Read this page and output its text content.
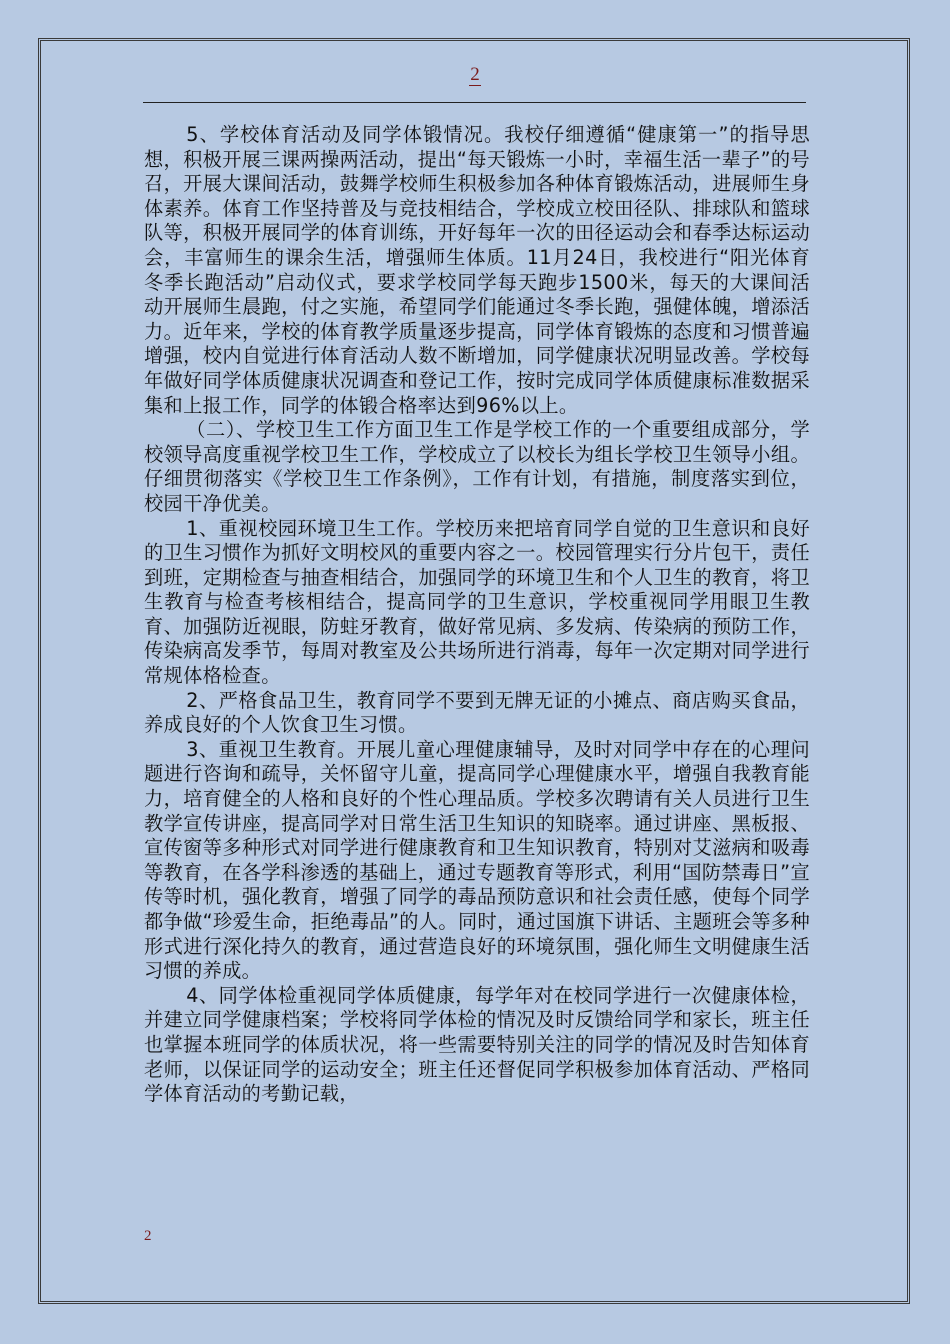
2

5、学校体育活动及同学体锻情况。我校仔细遵循“健康第一”的指导思想，积极开展三课两操两活动，提出“每天锻炼一小时，幸福生活一辈子”的号召，开展大课间活动，鼓舞学校师生积极参加各种体育锻炼活动，进展师生身体素养。体育工作坚持普及与竞技相结合，学校成立校田径队、排球队和篮球队等，积极开展同学的体育训练，开好每年一次的田径运动会和春季达标运动会，丰富师生的课余生活，增强师生体质。11月24日，我校进行“阳光体育冬季长跑活动”启动仪式，要求学校同学每天跑步1500米，每天的大课间活动开展师生晨跑，付之实施，希望同学们能通过冬季长跑，强健体魄，增添活力。近年来，学校的体育教学质量逐步提高，同学体育锻炼的态度和习惯普遍增强，校内自觉进行体育活动人数不断增加，同学健康状况明显改善。学校每年做好同学体质健康状况调查和登记工作，按时完成同学体质健康标准数据采集和上报工作，同学的体锻合格率达到96%以上。

（二）、学校卫生工作方面卫生工作是学校工作的一个重要组成部分，学校领导高度重视学校卫生工作，学校成立了以校长为组长学校卫生领导小组。仔细贯彻落实《学校卫生工作条例》，工作有计划，有措施，制度落实到位，校园干净优美。

1、重视校园环境卫生工作。学校历来把培育同学自觉的卫生意识和良好的卫生习惯作为抓好文明校风的重要内容之一。校园管理实行分片包干，责任到班，定期检查与抽查相结合，加强同学的环境卫生和个人卫生的教育，将卫生教育与检查考核相结合，提高同学的卫生意识，学校重视同学用眼卫生教育、加强防近视眼，防蛀牙教育，做好常见病、多发病、传染病的预防工作，传染病高发季节，每周对教室及公共场所进行消毒，每年一次定期对同学进行常规体格检查。

2、严格食品卫生，教育同学不要到无牌无证的小摊点、商店购买食品，养成良好的个人饮食卫生习惯。

3、重视卫生教育。开展儿童心理健康辅导，及时对同学中存在的心理问题进行咨询和疏导，关怀留守儿童，提高同学心理健康水平，增强自我教育能力，培育健全的人格和良好的个性心理品质。学校多次聘请有关人员进行卫生教学宣传讲座，提高同学对日常生活卫生知识的知晓率。通过讲座、黑板报、宣传窗等多种形式对同学进行健康教育和卫生知识教育，特别对艾滋病和吸毒等教育，在各学科渗透的基础上，通过专题教育等形式，利用“国防禁毒日”宣传等时机，强化教育，增强了同学的毒品预防意识和社会责任感，使每个同学都争做“珍爱生命，拒绝毒品”的人。同时，通过国旗下讲话、主题班会等多种形式进行深化持久的教育，通过营造良好的环境氛围，强化师生文明健康生活习惯的养成。

4、同学体检重视同学体质健康，每学年对在校同学进行一次健康体检，并建立同学健康档案；学校将同学体检的情况及时反馈给同学和家长，班主任也掌握本班同学的体质状况，将一些需要特别关注的同学的情况及时告知体育老师，以保证同学的运动安全；班主任还督促同学积极参加体育活动、严格同学体育活动的考勤记载，

2
